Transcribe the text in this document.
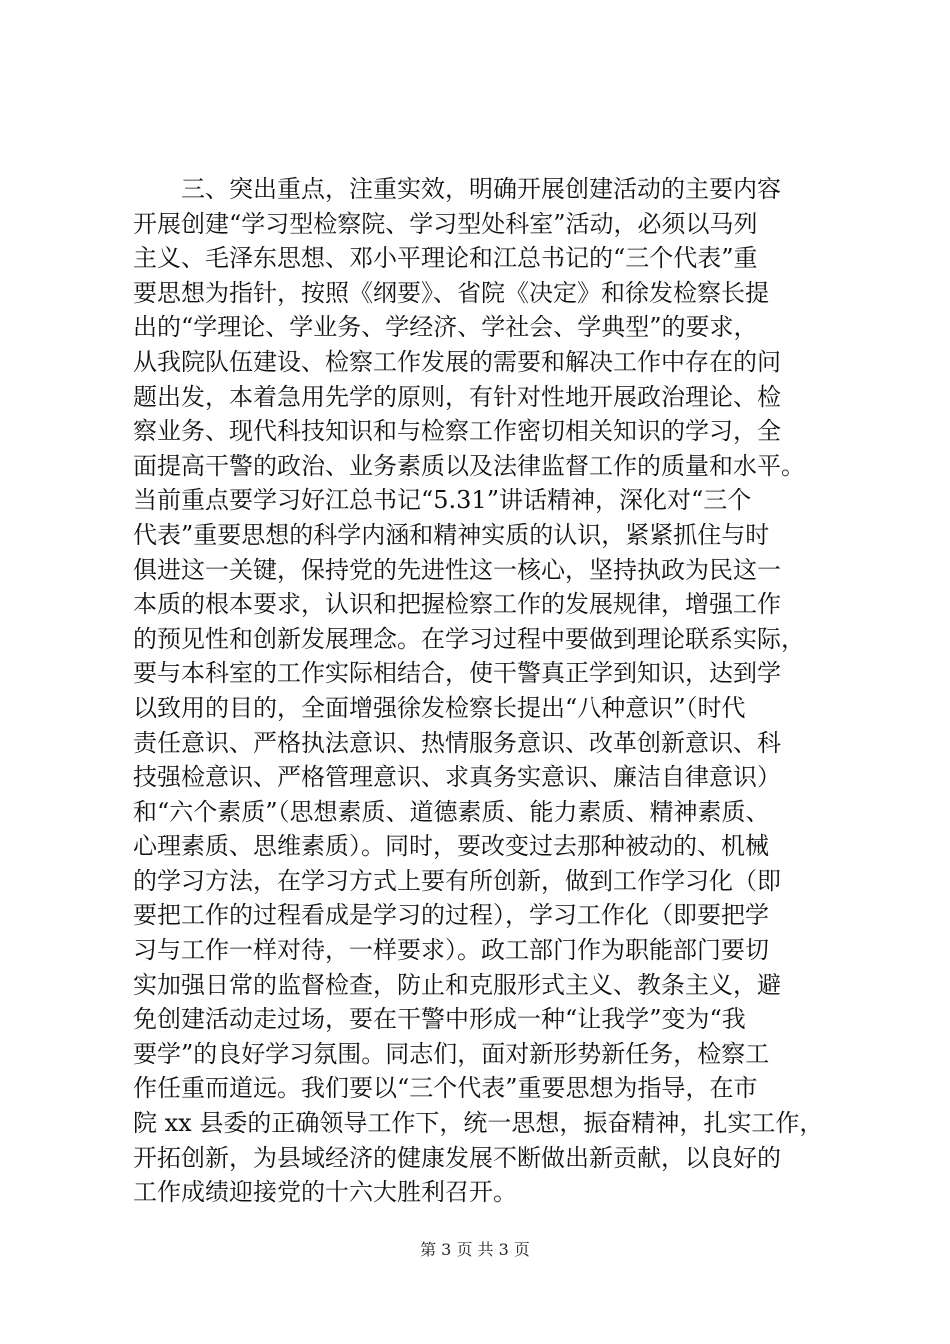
　　三、突出重点，注重实效，明确开展创建活动的主要内容
开展创建“学习型检察院、学习型处科室”活动，必须以马列
主义、毛泽东思想、邓小平理论和江总书记的“三个代表”重
要思想为指针，按照《纲要》、省院《决定》和徐发检察长提
出的“学理论、学业务、学经济、学社会、学典型”的要求，
从我院队伍建设、检察工作发展的需要和解决工作中存在的问
题出发，本着急用先学的原则，有针对性地开展政治理论、检
察业务、现代科技知识和与检察工作密切相关知识的学习，全
面提高干警的政治、业务素质以及法律监督工作的质量和水平。
当前重点要学习好江总书记“5.31”讲话精神，深化对“三个
代表”重要思想的科学内涵和精神实质的认识，紧紧抓住与时
俱进这一关键，保持党的先进性这一核心，坚持执政为民这一
本质的根本要求，认识和把握检察工作的发展规律，增强工作
的预见性和创新发展理念。在学习过程中要做到理论联系实际，
要与本科室的工作实际相结合，使干警真正学到知识，达到学
以致用的目的，全面增强徐发检察长提出“八种意识”（时代
责任意识、严格执法意识、热情服务意识、改革创新意识、科
技强检意识、严格管理意识、求真务实意识、廉洁自律意识）
和“六个素质”（思想素质、道德素质、能力素质、精神素质、
心理素质、思维素质）。同时，要改变过去那种被动的、机械
的学习方法，在学习方式上要有所创新，做到工作学习化（即
要把工作的过程看成是学习的过程），学习工作化（即要把学
习与工作一样对待，一样要求）。政工部门作为职能部门要切
实加强日常的监督检查，防止和克服形式主义、教条主义，避
免创建活动走过场，要在干警中形成一种“让我学”变为“我
要学”的良好学习氛围。同志们，面对新形势新任务，检察工
作任重而道远。我们要以“三个代表”重要思想为指导，在市
院 xx 县委的正确领导工作下，统一思想，振奋精神，扎实工作，
开拓创新，为县域经济的健康发展不断做出新贡献，以良好的
工作成绩迎接党的十六大胜利召开。
第 3 页 共 3 页
